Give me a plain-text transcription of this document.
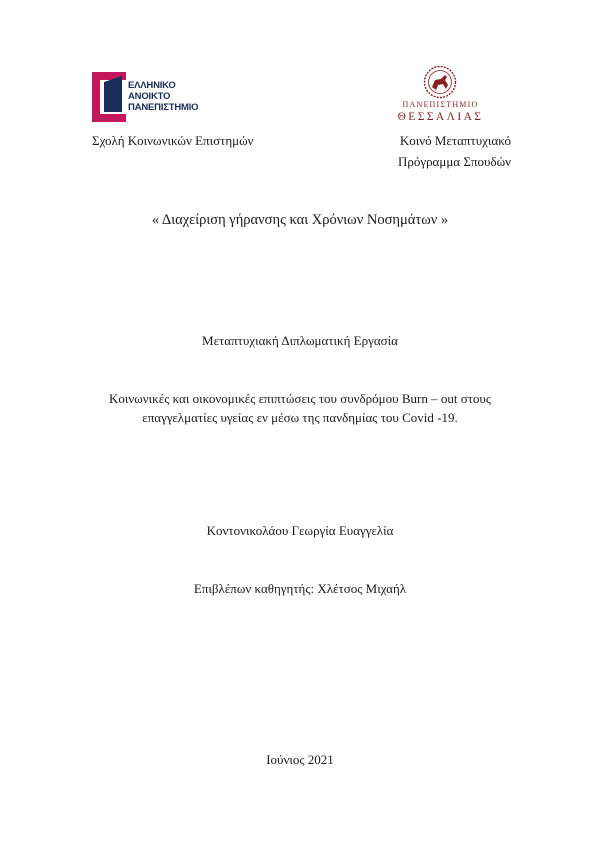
ΕΛΛΗΝΙΚΟ
ΑΝΟΙΚΤΟ
ΠΑΝΕΠΙΣΤΗΜΙΟ	ΠΑΝΕΠΙΣΤΗΜΙΟ
ΘΕΣΣΑΛΙΑΣ
Σχολή Κοινωνικών Επιστημών	Κοινό Μεταπτυχιακό
Πρόγραμμα Σπουδών
« Διαχείριση γήρανσης και Χρόνιων Νοσημάτων »
Μεταπτυχιακή Διπλωματική Εργασία
Κοινωνικές και οικονομικές επιπτώσεις του συνδρόμου Burn – out στους
επαγγελματίες υγείας εν μέσω της πανδημίας του Covid -19.
Κοντονικολάου Γεωργία Ευαγγελία
Επιβλέπων καθηγητής: Χλέτσος Μιχαήλ
Ιούνιος 2021
